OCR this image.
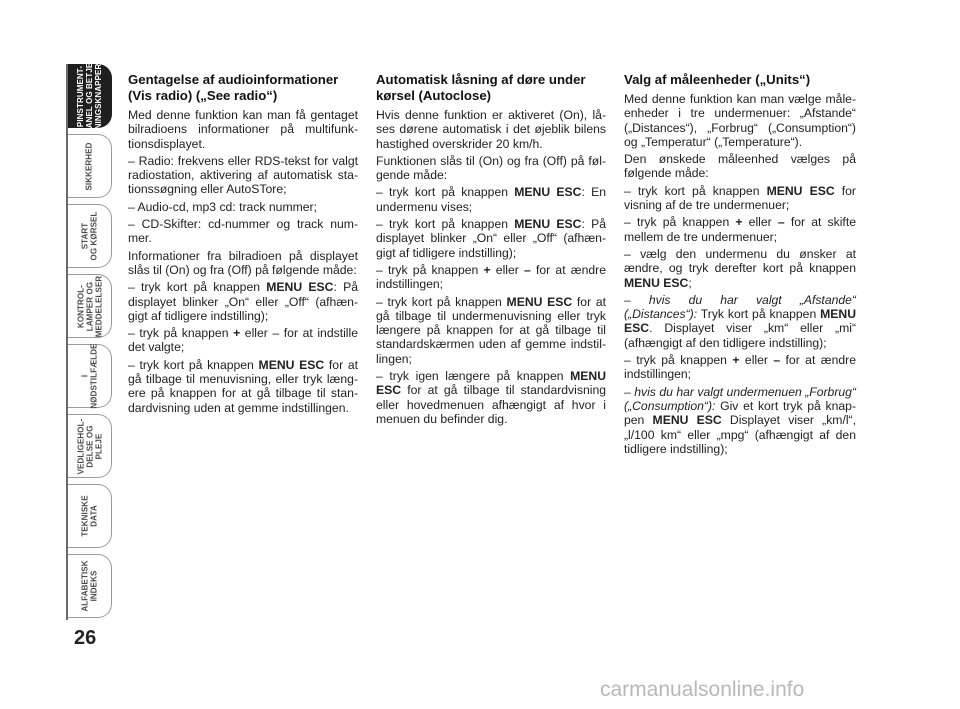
PINSTRUMENT-
PANEL OG BETJE-
NINGSKNAPPER
SIKKERHED
START
OG KØRSEL
KONTROL-
LAMPER OG
MEDDELELSER
I
NØDSTILFÆLDE
VEDLIGEHOL-
DELSE OG
PLEJE
TEKNISKE
DATA
ALFABETISK
INDEKS
26
Gentagelse af audioinformationer (Vis radio) („See radio“)

Med denne funktion kan man få gentaget bilradioens informationer på multifunktionsdisplayet.

– Radio: frekvens eller RDS-tekst for valgt radiostation, aktivering af automatisk stationssøgning eller AutoSTore;

– Audio-cd, mp3 cd: track nummer;

– CD-Skifter: cd-nummer og track nummer.

Informationer fra bilradioen på displayet slås til (On) og fra (Off) på følgende måde:

– tryk kort på knappen MENU ESC: På displayet blinker „On“ eller „Off“ (afhængigt af tidligere indstilling);

– tryk på knappen + eller – for at indstille det valgte;

– tryk kort på knappen MENU ESC for at gå tilbage til menuvisning, eller tryk længere på knappen for at gå tilbage til standardvisning uden at gemme indstillingen.

Automatisk låsning af døre under kørsel (Autoclose)

Hvis denne funktion er aktiveret (On), låses dørene automatisk i det øjeblik bilens hastighed overskrider 20 km/h.

Funktionen slås til (On) og fra (Off) på følgende måde:

– tryk kort på knappen MENU ESC: En undermenu vises;

– tryk kort på knappen MENU ESC: På displayet blinker „On“ eller „Off“ (afhængigt af tidligere indstilling);

– tryk på knappen + eller – for at ændre indstillingen;

– tryk kort på knappen MENU ESC for at gå tilbage til undermenuvisning eller tryk længere på knappen for at gå tilbage til standardskærmen uden af gemme indstillingen;

– tryk igen længere på knappen MENU ESC for at gå tilbage til standardvisning eller hovedmenuen afhængigt af hvor i menuen du befinder dig.

Valg af måleenheder („Units“)

Med denne funktion kan man vælge måleenheder i tre undermenuer: „Afstande“ („Distances“), „Forbrug“ („Consumption“) og „Temperatur“ („Temperature“).

Den ønskede måleenhed vælges på følgende måde:

– tryk kort på knappen MENU ESC for visning af de tre undermenuer;

– tryk på knappen + eller – for at skifte mellem de tre undermenuer;

– vælg den undermenu du ønsker at ændre, og tryk derefter kort på knappen MENU ESC;

– hvis du har valgt „Afstande“ („Distances“): Tryk kort på knappen MENU ESC. Displayet viser „km“ eller „mi“ (afhængigt af den tidligere indstilling);

– tryk på knappen + eller – for at ændre indstillingen;

– hvis du har valgt undermenuen „Forbrug“ („Consumption“): Giv et kort tryk på knappen MENU ESC Displayet viser „km/l“, „l/100 km“ eller „mpg“ (afhængigt af den tidligere indstilling);

carmanualsonline.info
